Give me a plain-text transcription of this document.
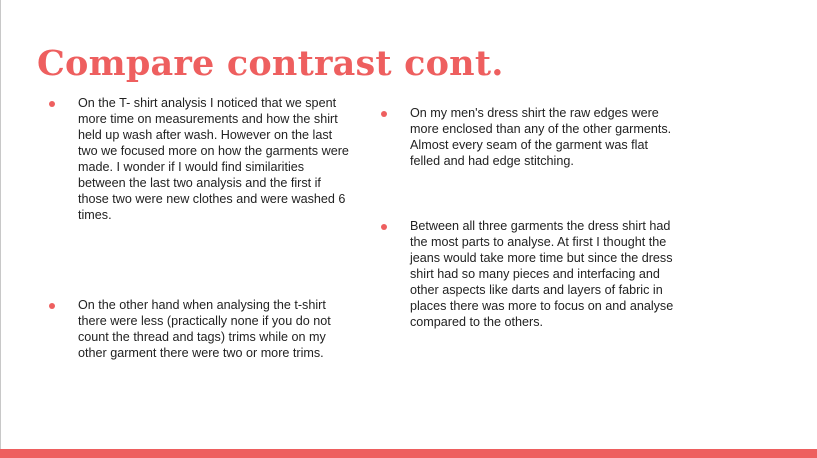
Compare contrast cont.
On the T- shirt analysis I noticed that we spent more time on measurements and how the shirt held up wash after wash. However on the last two we focused more on how the garments were made. I wonder if I would find similarities between the last two analysis and the first if those two were new clothes and were washed 6 times.
On the other hand when analysing the t-shirt there were less (practically none if you do not count the thread and tags) trims while on my other garment there were two or more trims.
On my men's dress shirt the raw edges were more enclosed than any of the other garments. Almost every seam of the garment was flat felled and had edge stitching.
Between all three garments the dress shirt had the most parts to analyse. At first I thought the jeans would take more time but since the dress shirt had so many pieces and interfacing and other aspects like darts and layers of fabric in places there was more to focus on and analyse compared to the others.
